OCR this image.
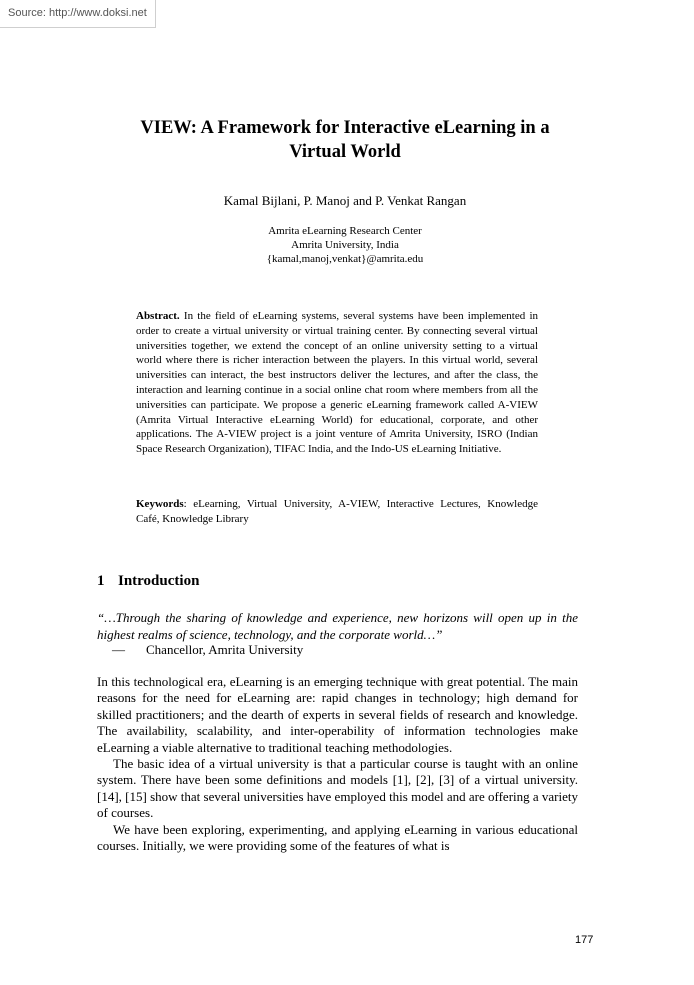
Source: http://www.doksi.net
VIEW: A Framework for Interactive eLearning in a Virtual World
Kamal Bijlani, P. Manoj and P. Venkat Rangan
Amrita eLearning Research Center
Amrita University, India
{kamal,manoj,venkat}@amrita.edu
Abstract. In the field of eLearning systems, several systems have been implemented in order to create a virtual university or virtual training center. By connecting several virtual universities together, we extend the concept of an online university setting to a virtual world where there is richer interaction between the players. In this virtual world, several universities can interact, the best instructors deliver the lectures, and after the class, the interaction and learning continue in a social online chat room where members from all the universities can participate. We propose a generic eLearning framework called A-VIEW (Amrita Virtual Interactive eLearning World) for educational, corporate, and other applications. The A-VIEW project is a joint venture of Amrita University, ISRO (Indian Space Research Organization), TIFAC India, and the Indo-US eLearning Initiative.
Keywords: eLearning, Virtual University, A-VIEW, Interactive Lectures, Knowledge Café, Knowledge Library
1 Introduction
“…Through the sharing of knowledge and experience, new horizons will open up in the highest realms of science, technology, and the corporate world…”
— Chancellor, Amrita University

In this technological era, eLearning is an emerging technique with great potential. The main reasons for the need for eLearning are: rapid changes in technology; high demand for skilled practitioners; and the dearth of experts in several fields of research and knowledge. The availability, scalability, and inter-operability of information technologies make eLearning a viable alternative to traditional teaching methodologies.

The basic idea of a virtual university is that a particular course is taught with an online system. There have been some definitions and models [1], [2], [3] of a virtual university. [14], [15] show that several universities have employed this model and are offering a variety of courses.

We have been exploring, experimenting, and applying eLearning in various educational courses. Initially, we were providing some of the features of what is

177
